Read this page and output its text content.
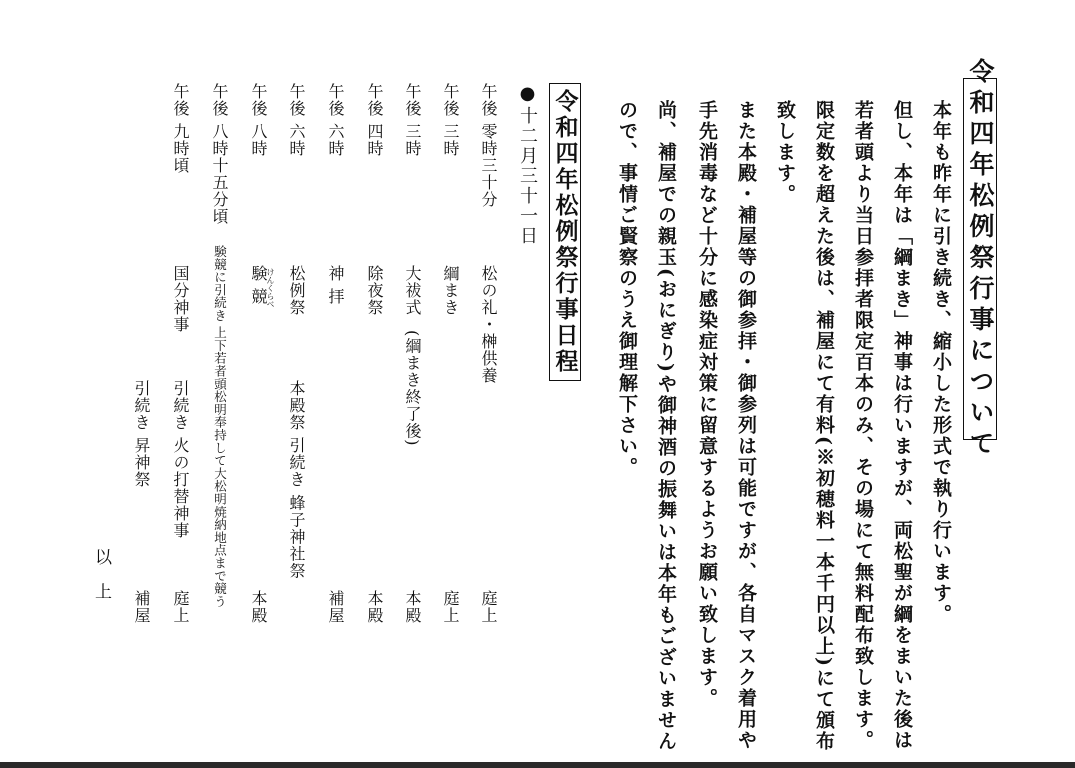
令和四年松例祭行事について
本年も昨年に引き続き、縮小した形式で執り行います。
但し、本年は「綱まき」神事は行いますが、両松聖が綱をまいた後は
若者頭より当日参拝者限定百本のみ、その場にて無料配布致します。
限定数を超えた後は、補屋にて有料(※初穂料一本千円以上)にて頒布
致します。
また本殿・補屋等の御参拝・御参列は可能ですが、各自マスク着用や
手先消毒など十分に感染症対策に留意するようお願い致します。
尚、補屋での親玉(おにぎり)や御神酒の振舞いは本年もございません
ので、事情ご賢察のうえ御理解下さい。
令和四年松例祭行事日程
●十二月三十一日
午後 零時三十分
松の礼・榊供養
庭上
午後 三時
綱まき
庭上
午後 三時
大祓式
(綱まき終了後)
本殿
午後 四時
除夜祭
本殿
午後 六時
神 拝
補屋
午後 六時
松例祭
本殿祭 引続き 蜂子神社祭
午後 八時
けんくらべ
験 競
本殿
午後 八時十五分頃
験競に引続き 上下若者頭松明奉持して大松明焼納地点まで競う
午後 九時頃
国分神事
引続き 火の打替神事
庭上
引続き 昇神祭
補屋
以 上
